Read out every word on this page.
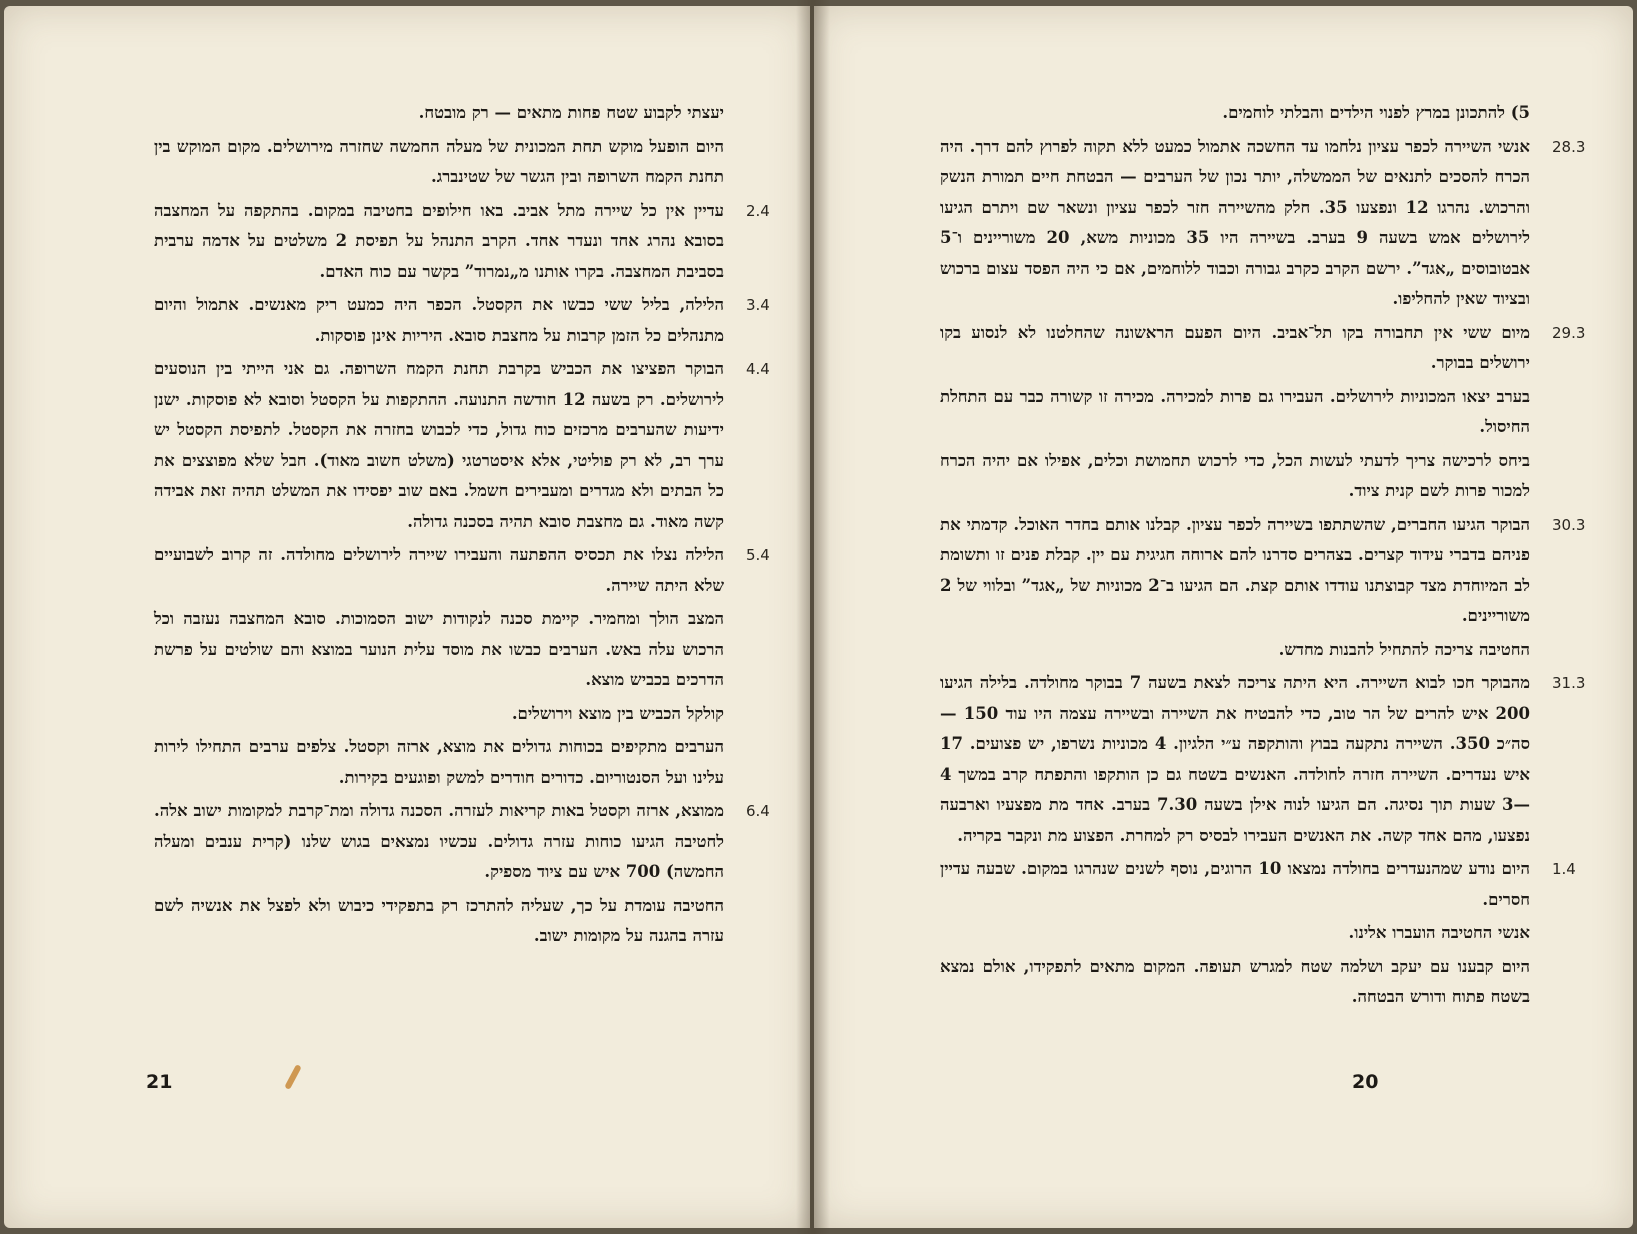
יעצתי לקבוע שטח פחות מתאים — רק מובטח.
היום הופעל מוקש תחת המכונית של מעלה החמשה שחזרה מירושלים. מקום המוקש בין תחנת הקמח השרופה ובין הגשר של שטינברג.
2.4
עדיין אין כל שיירה מתל אביב. באו חילופים בחטיבה במקום. בהתקפה על המחצבה בסובא נהרג אחד ונעדר אחד. הקרב התנהל על תפיסת 2 משלטים על אדמה ערבית בסביבת המחצבה. בקרו אותנו מ„נמרוד” בקשר עם כוח האדם.
3.4
הלילה, בליל ששי כבשו את הקסטל. הכפר היה כמעט ריק מאנשים. אתמול והיום מתנהלים כל הזמן קרבות על מחצבת סובא. היריות אינן פוסקות.
4.4
הבוקר הפציצו את הכביש בקרבת תחנת הקמח השרופה. גם אני הייתי בין הנוסעים לירושלים. רק בשעה 12 חודשה התנועה. ההתקפות על הקסטל וסובא לא פוסקות. ישנן ידיעות שהערבים מרכזים כוח גדול, כדי לכבוש בחזרה את הקסטל. לתפיסת הקסטל יש ערך רב, לא רק פוליטי, אלא איסטרטגי (משלט חשוב מאוד). חבל שלא מפוצצים את כל הבתים ולא מגדרים ומעבירים חשמל. באם שוב יפסידו את המשלט תהיה זאת אבידה קשה מאוד. גם מחצבת סובא תהיה בסכנה גדולה.
5.4
הלילה נצלו את תכסיס ההפתעה והעבירו שיירה לירושלים מחולדה. זה קרוב לשבועיים שלא היתה שיירה.
המצב הולך ומחמיר. קיימת סכנה לנקודות ישוב הסמוכות. סובא המחצבה נעזבה וכל הרכוש עלה באש. הערבים כבשו את מוסד עלית הנוער במוצא והם שולטים על פרשת הדרכים בכביש מוצא.
קולקל הכביש בין מוצא וירושלים.
הערבים מתקיפים בכוחות גדולים את מוצא, ארזה וקסטל. צלפים ערבים התחילו לירות עלינו ועל הסנטוריום. כדורים חודרים למשק ופוגעים בקירות.
6.4
ממוצא, ארזה וקסטל באות קריאות לעזרה. הסכנה גדולה ומת־קרבת למקומות ישוב אלה. לחטיבה הגיעו כוחות עזרה גדולים. עכשיו נמצאים בגוש שלנו (קרית ענבים ומעלה החמשה) 700 איש עם ציוד מספיק.
החטיבה עומדת על כך, שעליה להתרכז רק בתפקידי כיבוש ולא לפצל את אנשיה לשם עזרה בהגנה על מקומות ישוב.
21
5) להתכונן במרץ לפנוי הילדים והבלתי לוחמים.
28.3
אנשי השיירה לכפר עציון נלחמו עד החשכה אתמול כמעט ללא תקוה לפרוץ להם דרך. היה הכרח להסכים לתנאים של הממשלה, יותר נכון של הערבים — הבטחת חיים תמורת הנשק והרכוש. נהרגו 12 ונפצעו 35. חלק מהשיירה חזר לכפר עציון ונשאר שם ויתרם הגיעו לירושלים אמש בשעה 9 בערב. בשיירה היו 35 מכוניות משא, 20 משוריינים ו־5 אבטובוסים „אגד”. ירשם הקרב כקרב גבורה וכבוד ללוחמים, אם כי היה הפסד עצום ברכוש ובציוד שאין להחליפו.
29.3
מיום ששי אין תחבורה בקו תל־אביב. היום הפעם הראשונה שהחלטנו לא לנסוע בקו ירושלים בבוקר.
בערב יצאו המכוניות לירושלים. העבירו גם פרות למכירה. מכירה זו קשורה כבר עם התחלת החיסול.
ביחס לרכישה צריך לדעתי לעשות הכל, כדי לרכוש תחמושת וכלים, אפילו אם יהיה הכרח למכור פרות לשם קנית ציוד.
30.3
הבוקר הגיעו החברים, שהשתתפו בשיירה לכפר עציון. קבלנו אותם בחדר האוכל. קדמתי את פניהם בדברי עידוד קצרים. בצהרים סדרנו להם ארוחה חגיגית עם יין. קבלת פנים זו ותשומת לב המיוחדת מצד קבוצתנו עודדו אותם קצת. הם הגיעו ב־2 מכוניות של „אגד” ובלווי של 2 משוריינים.
החטיבה צריכה להתחיל להבנות מחדש.
31.3
מהבוקר חכו לבוא השיירה. היא היתה צריכה לצאת בשעה 7 בבוקר מחולדה. בלילה הגיעו 200 איש להרים של הר טוב, כדי להבטיח את השיירה ובשיירה עצמה היו עוד 150 — סה״כ 350. השיירה נתקעה בבוץ והותקפה ע״י הלגיון. 4 מכוניות נשרפו, יש פצועים. 17 איש נעדרים. השיירה חזרה לחולדה. האנשים בשטח גם כן הותקפו והתפתח קרב במשך 4—3 שעות תוך נסיגה. הם הגיעו לנוה אילן בשעה 7.30 בערב. אחד מת מפצעיו וארבעה נפצעו, מהם אחד קשה. את האנשים העבירו לבסיס רק למחרת. הפצוע מת ונקבר בקריה.
1.4
היום נודע שמהנעדרים בחולדה נמצאו 10 הרוגים, נוסף לשנים שנהרגו במקום. שבעה עדיין חסרים.
אנשי החטיבה הועברו אלינו.
היום קבענו עם יעקב ושלמה שטח למגרש תעופה. המקום מתאים לתפקידו, אולם נמצא בשטח פתוח ודורש הבטחה.
20
